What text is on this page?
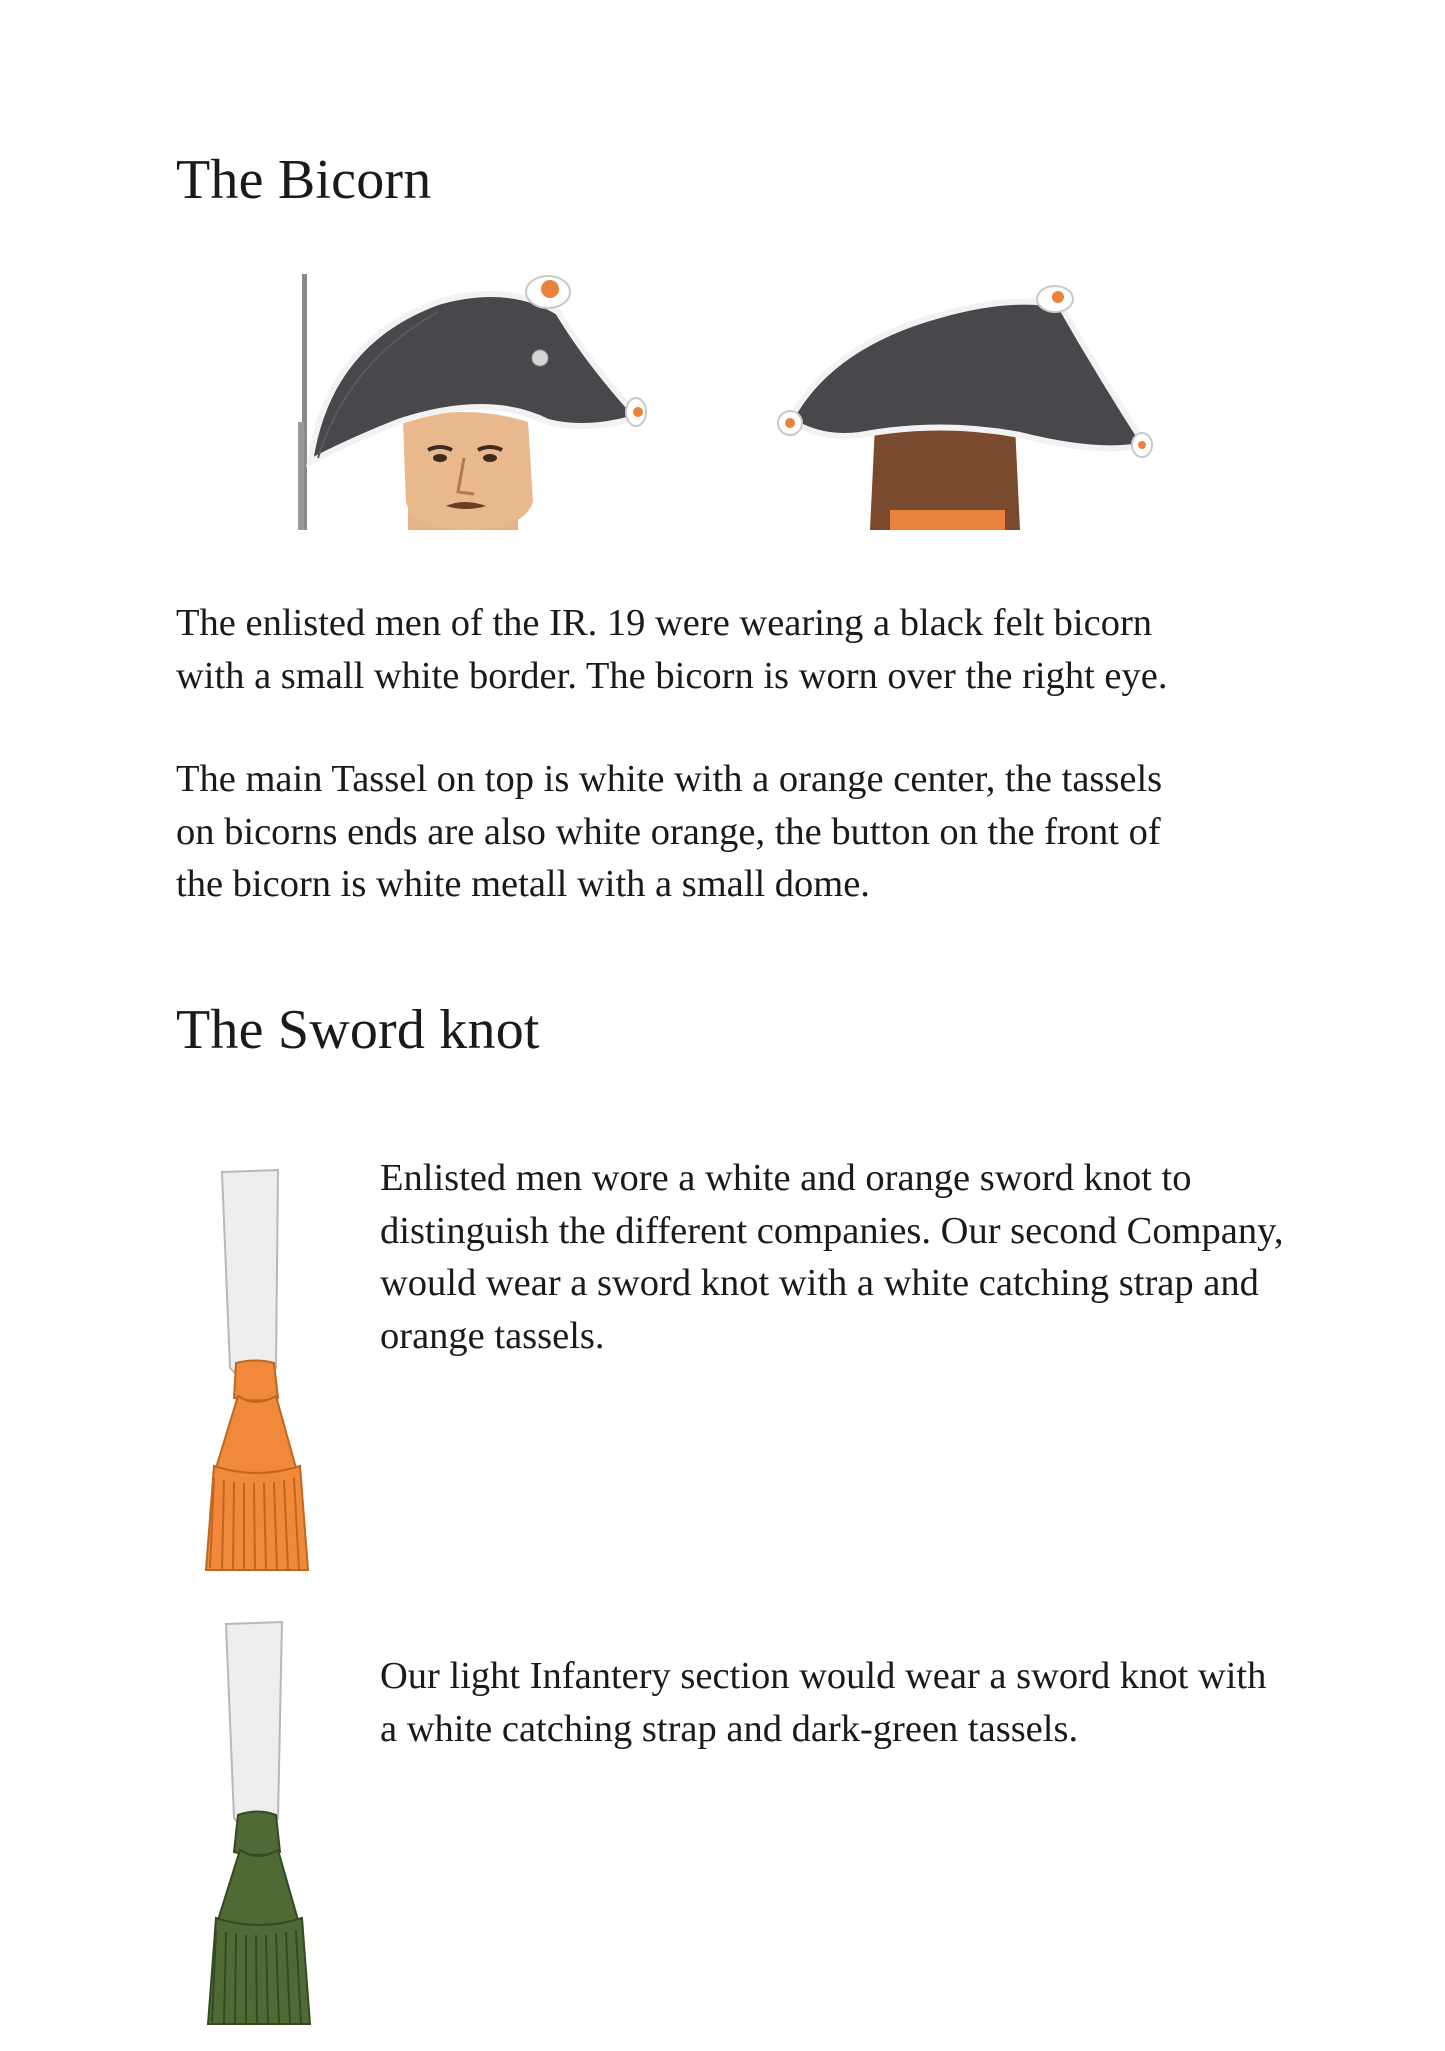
The Bicorn
The enlisted men of the IR. 19 were wearing a black felt bicorn
with a small white border. The bicorn is worn over the right eye.
The main Tassel on top is white with a orange center, the tassels
on bicorns ends are also white orange, the button on the front of
the bicorn is white metall with a small dome.
The Sword knot
Enlisted men wore a white and orange sword knot to
distinguish the different companies. Our second Company,
would wear a sword knot with a white catching strap and
orange tassels.
Our light Infantery section would wear a sword knot with
a white catching strap and dark-green tassels.
